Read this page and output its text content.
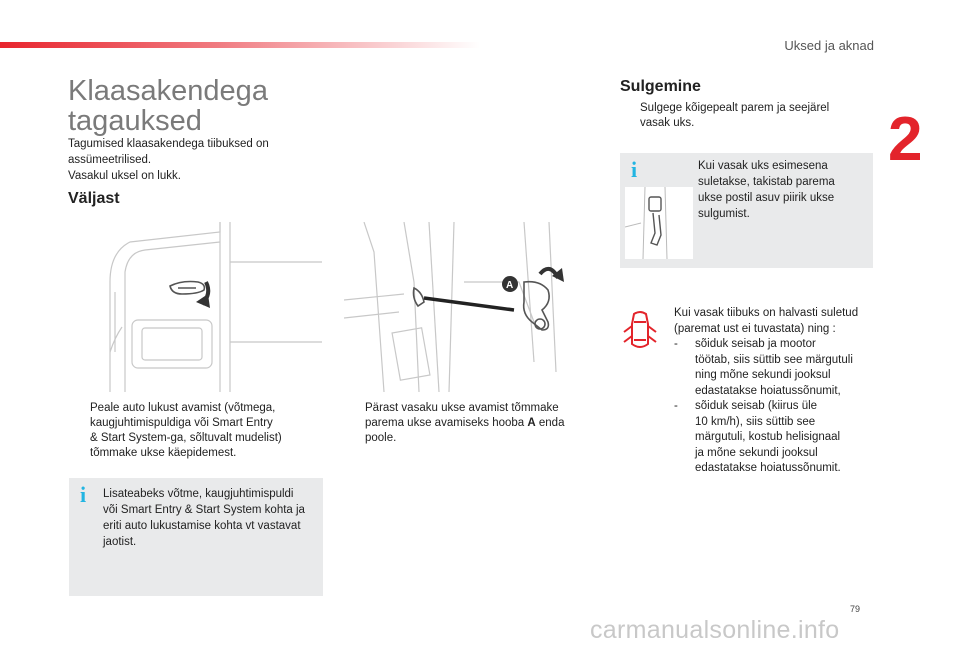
Uksed ja aknad
2
Klaasakendega
tagauksed
Tagumised klaasakendega tiibuksed on
assümeetrilised.
Vasakul uksel on lukk.
Väljast
Peale auto lukust avamist (võtmega,
kaugjuhtimispuldiga või Smart Entry
& Start System-ga, sõltuvalt mudelist)
tõmmake ukse käepidemest.
i Lisateabeks võtme, kaugjuhtimispuldi
või Smart Entry & Start System kohta ja
eriti auto lukustamise kohta vt vastavat
jaotist.
A
Pärast vasaku ukse avamist tõmmake
parema ukse avamiseks hooba A enda
poole.
Sulgemine
Sulgege kõigepealt parem ja seejärel
vasak uks.
i	Kui vasak uks esimesena
suletakse, takistab parema
ukse postil asuv piirik ukse
sulgumist.
Kui vasak tiibuks on halvasti suletud
(paremat ust ei tuvastata) ning :
- sõiduk seisab ja mootor
töötab, siis süttib see märgutuli
ning mõne sekundi jooksul
edastatakse hoiatussõnumit,
- sõiduk seisab (kiirus üle
10 km/h), siis süttib see
märgutuli, kostub helisignaal
ja mõne sekundi jooksul
edastatakse hoiatussõnumit.
79
carmanualsonline.info
